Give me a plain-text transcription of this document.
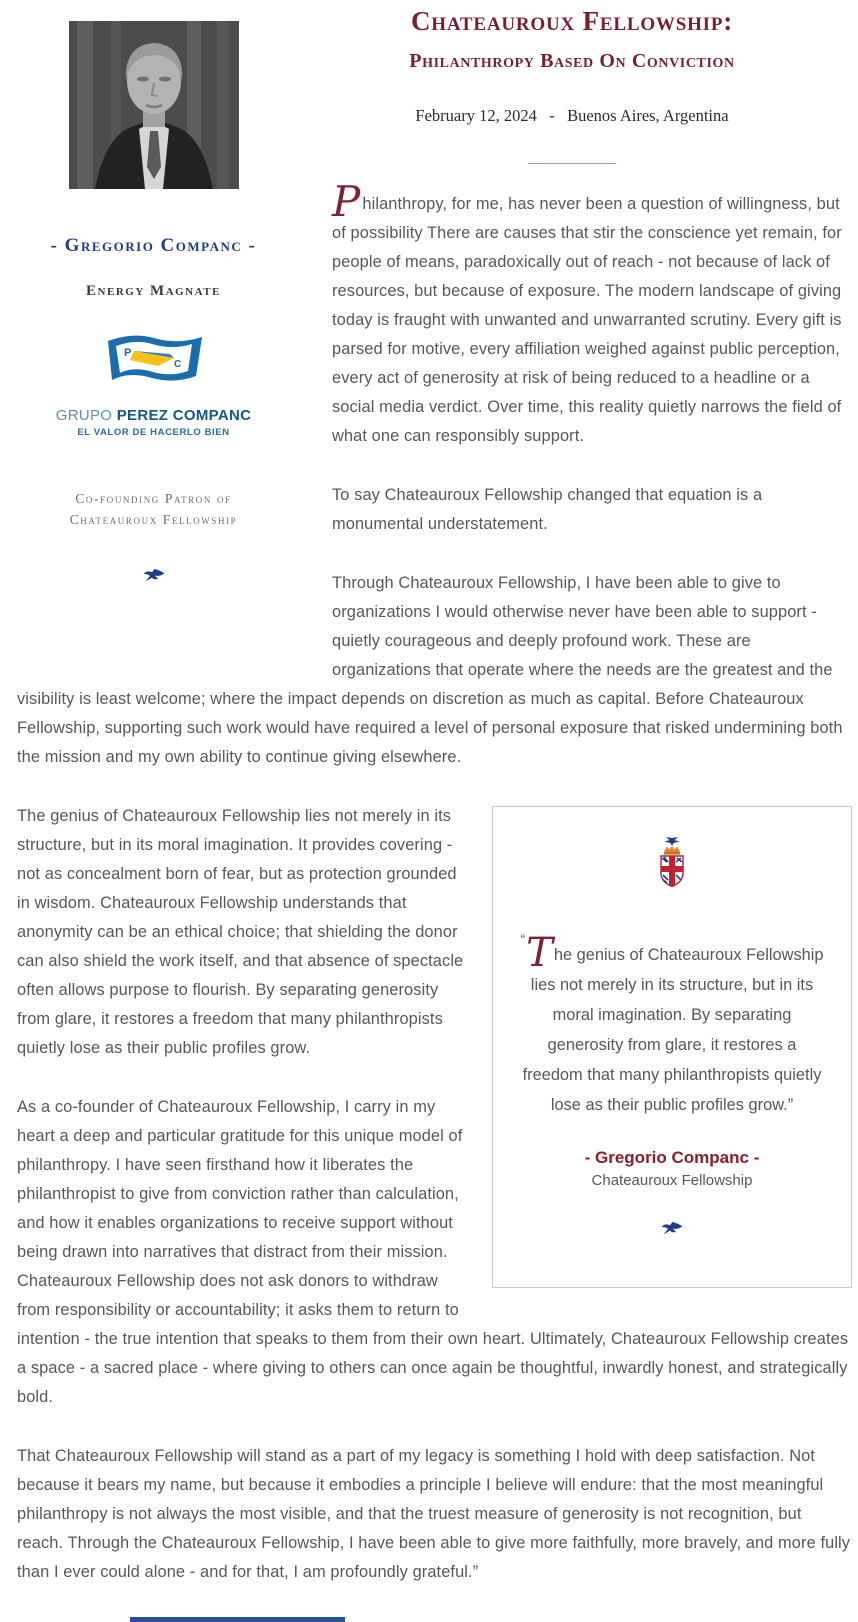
- Gregorio Companc -
Energy Magnate
P
C
GRUPO PEREZ COMPANC
EL VALOR DE HACERLO BIEN
Co-founding Patron of
Chateauroux Fellowship
Chateauroux Fellowship:
Philanthropy Based On Conviction
February 12, 2024   -   Buenos Aires, Argentina

Philanthropy, for me, has never been a question of willingness, but of possibility There are causes that stir the conscience yet remain, for people of means, paradoxically out of reach - not because of lack of resources, but because of exposure. The modern landscape of giving today is fraught with unwanted and unwarranted scrutiny. Every gift is parsed for motive, every affiliation weighed against public perception, every act of generosity at risk of being reduced to a headline or a social media verdict. Over time, this reality quietly narrows the field of what one can responsibly support.

To say Chateauroux Fellowship changed that equation is a monumental understatement.

Through Chateauroux Fellowship, I have been able to give to organizations I would otherwise never have been able to support - quietly courageous and deeply profound work. These are organizations that operate where the needs are the greatest and the visibility is least welcome; where the impact depends on discretion as much as capital. Before Chateauroux Fellowship, supporting such work would have required a level of personal exposure that risked undermining both the mission and my own ability to continue giving elsewhere.

“The genius of Chateauroux Fellowship lies not merely in its structure, but in its moral imagination. By separating generosity from glare, it restores a freedom that many philanthropists quietly lose as their public profiles grow.”
- Gregorio Companc -
Chateauroux Fellowship

The genius of Chateauroux Fellowship lies not merely in its structure, but in its moral imagination. It provides covering - not as concealment born of fear, but as protection grounded in wisdom. Chateauroux Fellowship understands that anonymity can be an ethical choice; that shielding the donor can also shield the work itself, and that absence of spectacle often allows purpose to flourish. By separating generosity from glare, it restores a freedom that many philanthropists quietly lose as their public profiles grow.

As a co-founder of Chateauroux Fellowship, I carry in my heart a deep and particular gratitude for this unique model of philanthropy. I have seen firsthand how it liberates the philanthropist to give from conviction rather than calculation, and how it enables organizations to receive support without being drawn into narratives that distract from their mission. Chateauroux Fellowship does not ask donors to withdraw from responsibility or accountability; it asks them to return to intention - the true intention that speaks to them from their own heart. Ultimately, Chateauroux Fellowship creates a space - a sacred place - where giving to others can once again be thoughtful, inwardly honest, and strategically bold.

That Chateauroux Fellowship will stand as a part of my legacy is something I hold with deep satisfaction. Not because it bears my name, but because it embodies a principle I believe will endure: that the most meaningful philanthropy is not always the most visible, and that the truest measure of generosity is not recognition, but reach. Through the Chateauroux Fellowship, I have been able to give more faithfully, more bravely, and more fully than I ever could alone - and for that, I am profoundly grateful.”
